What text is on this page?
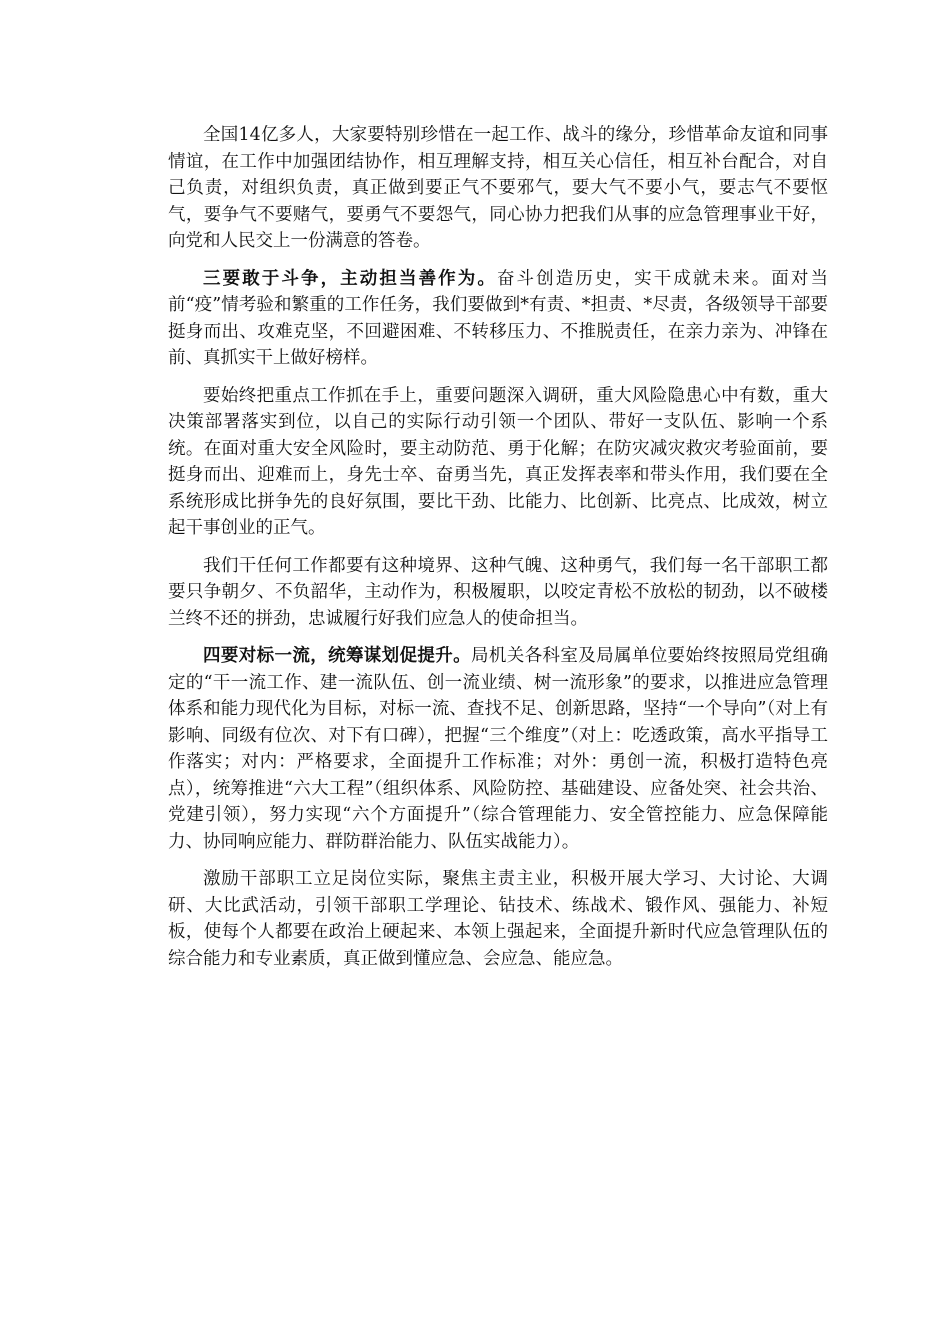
全国14亿多人，大家要特别珍惜在一起工作、战斗的缘分，珍惜革命友谊和同事情谊，在工作中加强团结协作，相互理解支持，相互关心信任，相互补台配合，对自己负责，对组织负责，真正做到要正气不要邪气，要大气不要小气，要志气不要怄气，要争气不要赌气，要勇气不要怨气，同心协力把我们从事的应急管理事业干好，向党和人民交上一份满意的答卷。

三要敢于斗争，主动担当善作为。奋斗创造历史，实干成就未来。面对当前“疫”情考验和繁重的工作任务，我们要做到*有责、*担责、*尽责，各级领导干部要挺身而出、攻难克坚，不回避困难、不转移压力、不推脱责任，在亲力亲为、冲锋在前、真抓实干上做好榜样。

要始终把重点工作抓在手上，重要问题深入调研，重大风险隐患心中有数，重大决策部署落实到位，以自己的实际行动引领一个团队、带好一支队伍、影响一个系统。在面对重大安全风险时，要主动防范、勇于化解；在防灾减灾救灾考验面前，要挺身而出、迎难而上，身先士卒、奋勇当先，真正发挥表率和带头作用，我们要在全系统形成比拼争先的良好氛围，要比干劲、比能力、比创新、比亮点、比成效，树立起干事创业的正气。

我们干任何工作都要有这种境界、这种气魄、这种勇气，我们每一名干部职工都要只争朝夕、不负韶华，主动作为，积极履职，以咬定青松不放松的韧劲，以不破楼兰终不还的拼劲，忠诚履行好我们应急人的使命担当。

四要对标一流，统筹谋划促提升。局机关各科室及局属单位要始终按照局党组确定的“干一流工作、建一流队伍、创一流业绩、树一流形象”的要求，以推进应急管理体系和能力现代化为目标，对标一流、查找不足、创新思路，坚持“一个导向”（对上有影响、同级有位次、对下有口碑），把握“三个维度”（对上：吃透政策，高水平指导工作落实；对内：严格要求，全面提升工作标准；对外：勇创一流，积极打造特色亮点），统筹推进“六大工程”（组织体系、风险防控、基础建设、应备处突、社会共治、党建引领），努力实现“六个方面提升”（综合管理能力、安全管控能力、应急保障能力、协同响应能力、群防群治能力、队伍实战能力）。

激励干部职工立足岗位实际，聚焦主责主业，积极开展大学习、大讨论、大调研、大比武活动，引领干部职工学理论、钻技术、练战术、锻作风、强能力、补短板，使每个人都要在政治上硬起来、本领上强起来，全面提升新时代应急管理队伍的综合能力和专业素质，真正做到懂应急、会应急、能应急。
